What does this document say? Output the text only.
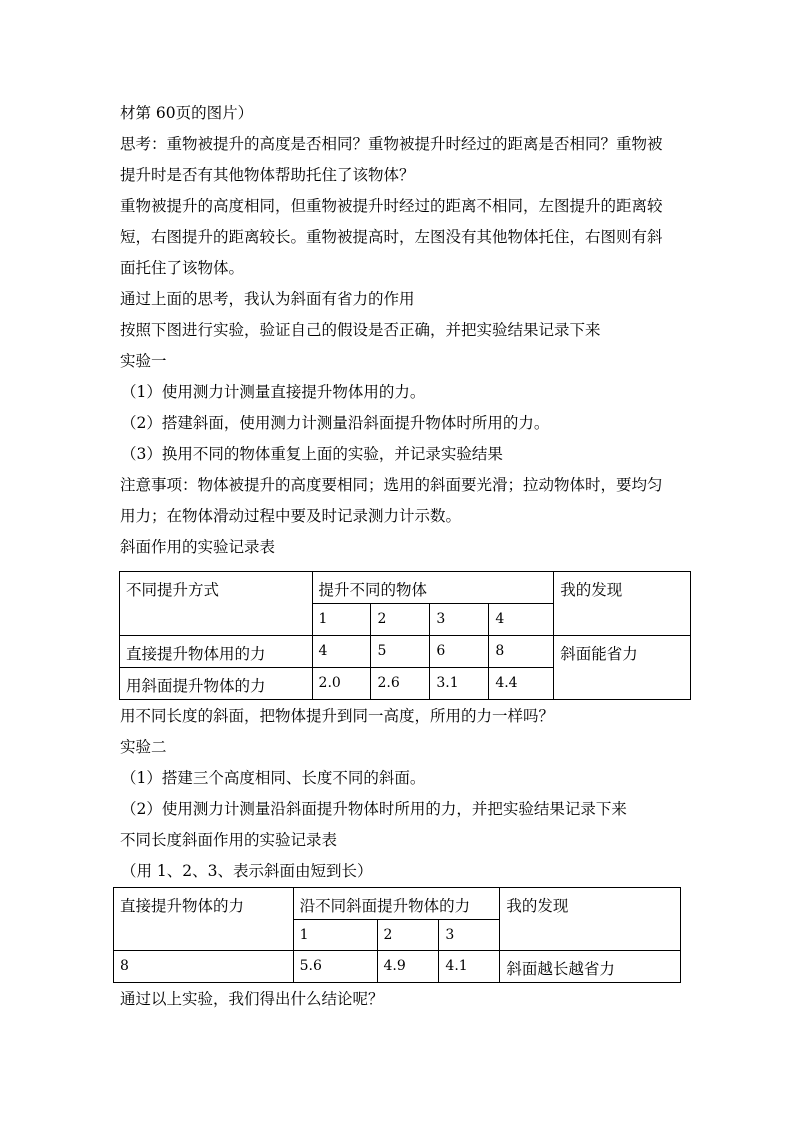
材第 60页的图片）
思考：重物被提升的高度是否相同？重物被提升时经过的距离是否相同？重物被
提升时是否有其他物体帮助托住了该物体？
重物被提升的高度相同，但重物被提升时经过的距离不相同，左图提升的距离较
短，右图提升的距离较长。重物被提高时，左图没有其他物体托住，右图则有斜
面托住了该物体。
通过上面的思考，我认为斜面有省力的作用
按照下图进行实验，验证自己的假设是否正确，并把实验结果记录下来
实验一
（1）使用测力计测量直接提升物体用的力。
（2）搭建斜面，使用测力计测量沿斜面提升物体时所用的力。
（3）换用不同的物体重复上面的实验，并记录实验结果
注意事项：物体被提升的高度要相同；选用的斜面要光滑；拉动物体时，要均匀
用力；在物体滑动过程中要及时记录测力计示数。
斜面作用的实验记录表
不同提升方式	提升不同的物体				我的发现
	1	2	3	4	
直接提升物体用的力	4	5	6	8	斜面能省力
用斜面提升物体的力	2.0	2.6	3.1	4.4	
用不同长度的斜面，把物体提升到同一高度，所用的力一样吗？
实验二
（1）搭建三个高度相同、长度不同的斜面。
（2）使用测力计测量沿斜面提升物体时所用的力，并把实验结果记录下来
不同长度斜面作用的实验记录表
（用 1、2、3、表示斜面由短到长）
直接提升物体的力	沿不同斜面提升物体的力			我的发现
	1	2	3	
8	5.6	4.9	4.1	斜面越长越省力
通过以上实验，我们得出什么结论呢？
